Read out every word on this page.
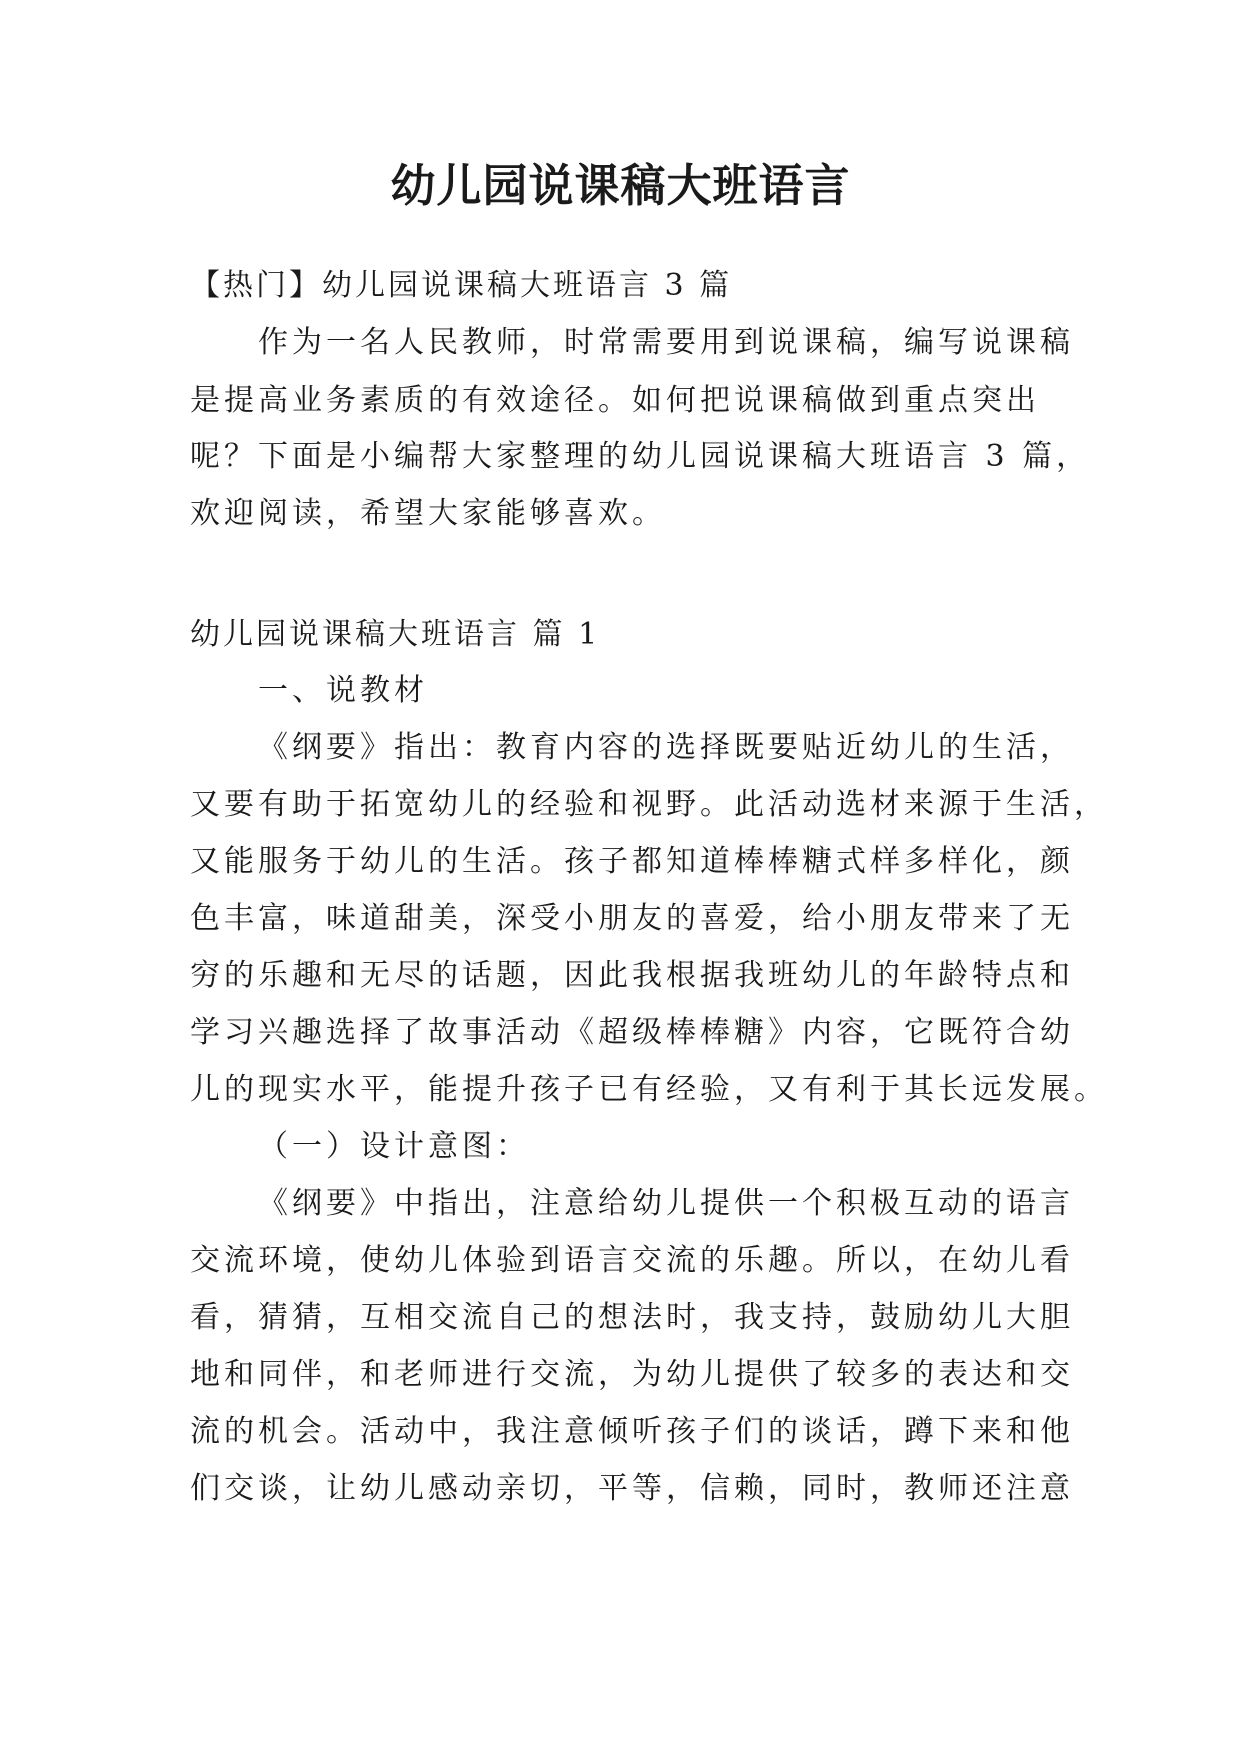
幼儿园说课稿大班语言
【热门】幼儿园说课稿大班语言 3 篇
作为一名人民教师，时常需要用到说课稿，编写说课稿
是提高业务素质的有效途径。如何把说课稿做到重点突出
呢？下面是小编帮大家整理的幼儿园说课稿大班语言 3 篇，
欢迎阅读，希望大家能够喜欢。
幼儿园说课稿大班语言 篇 1
一、说教材
《纲要》指出：教育内容的选择既要贴近幼儿的生活，
又要有助于拓宽幼儿的经验和视野。此活动选材来源于生活，
又能服务于幼儿的生活。孩子都知道棒棒糖式样多样化，颜
色丰富，味道甜美，深受小朋友的喜爱，给小朋友带来了无
穷的乐趣和无尽的话题，因此我根据我班幼儿的年龄特点和
学习兴趣选择了故事活动《超级棒棒糖》内容，它既符合幼
儿的现实水平，能提升孩子已有经验，又有利于其长远发展。
（一）设计意图：
《纲要》中指出，注意给幼儿提供一个积极互动的语言
交流环境，使幼儿体验到语言交流的乐趣。所以，在幼儿看
看，猜猜，互相交流自己的想法时，我支持，鼓励幼儿大胆
地和同伴，和老师进行交流，为幼儿提供了较多的表达和交
流的机会。活动中，我注意倾听孩子们的谈话，蹲下来和他
们交谈，让幼儿感动亲切，平等，信赖，同时，教师还注意
